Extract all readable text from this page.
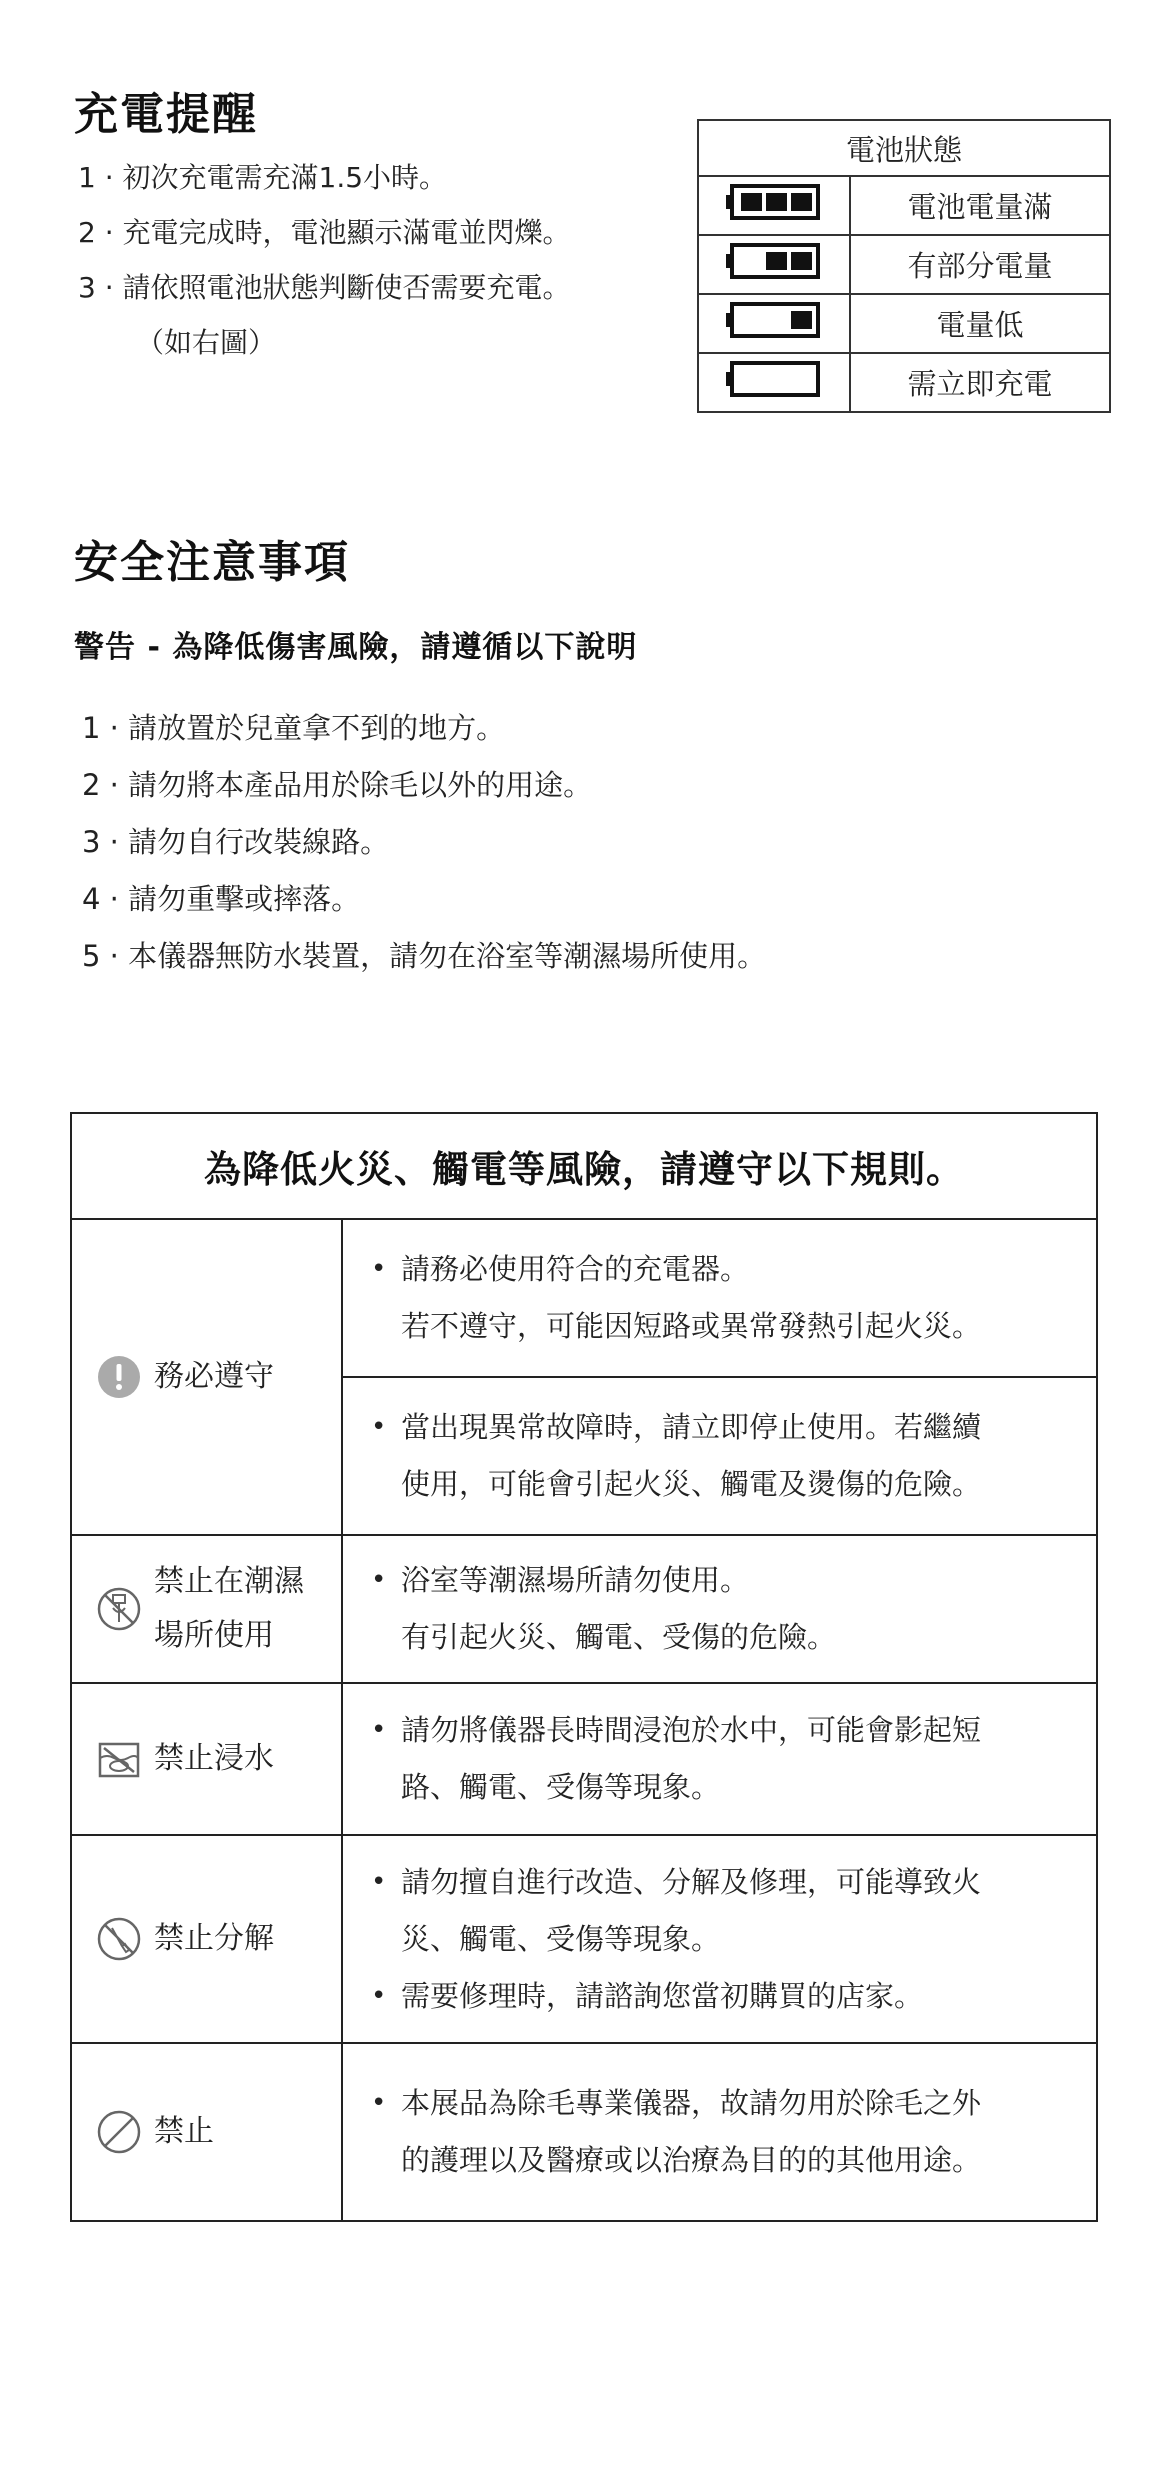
充電提醒
1 · 初次充電需充滿1.5小時。
2 · 充電完成時，電池顯示滿電並閃爍。
3 · 請依照電池狀態判斷使否需要充電。
（如右圖）
電池狀態	
	電池電量滿
	有部分電量
	電量低
	需立即充電
安全注意事項
警告 - 為降低傷害風險，請遵循以下說明
1 · 請放置於兒童拿不到的地方。
2 · 請勿將本產品用於除毛以外的用途。
3 · 請勿自行改裝線路。
4 · 請勿重擊或摔落。
5 · 本儀器無防水裝置，請勿在浴室等潮濕場所使用。
為降低火災、觸電等風險，請遵守以下規則。
務必遵守
• 請務必使用符合的充電器。
若不遵守，可能因短路或異常發熱引起火災。
• 當出現異常故障時，請立即停止使用。若繼續
使用，可能會引起火災、觸電及燙傷的危險。
禁止在潮濕
場所使用
• 浴室等潮濕場所請勿使用。
有引起火災、觸電、受傷的危險。
禁止浸水
• 請勿將儀器長時間浸泡於水中，可能會影起短
路、觸電、受傷等現象。
禁止分解
• 請勿擅自進行改造、分解及修理，可能導致火
災、觸電、受傷等現象。
• 需要修理時，請諮詢您當初購買的店家。
禁止
• 本展品為除毛專業儀器，故請勿用於除毛之外
的護理以及醫療或以治療為目的的其他用途。
